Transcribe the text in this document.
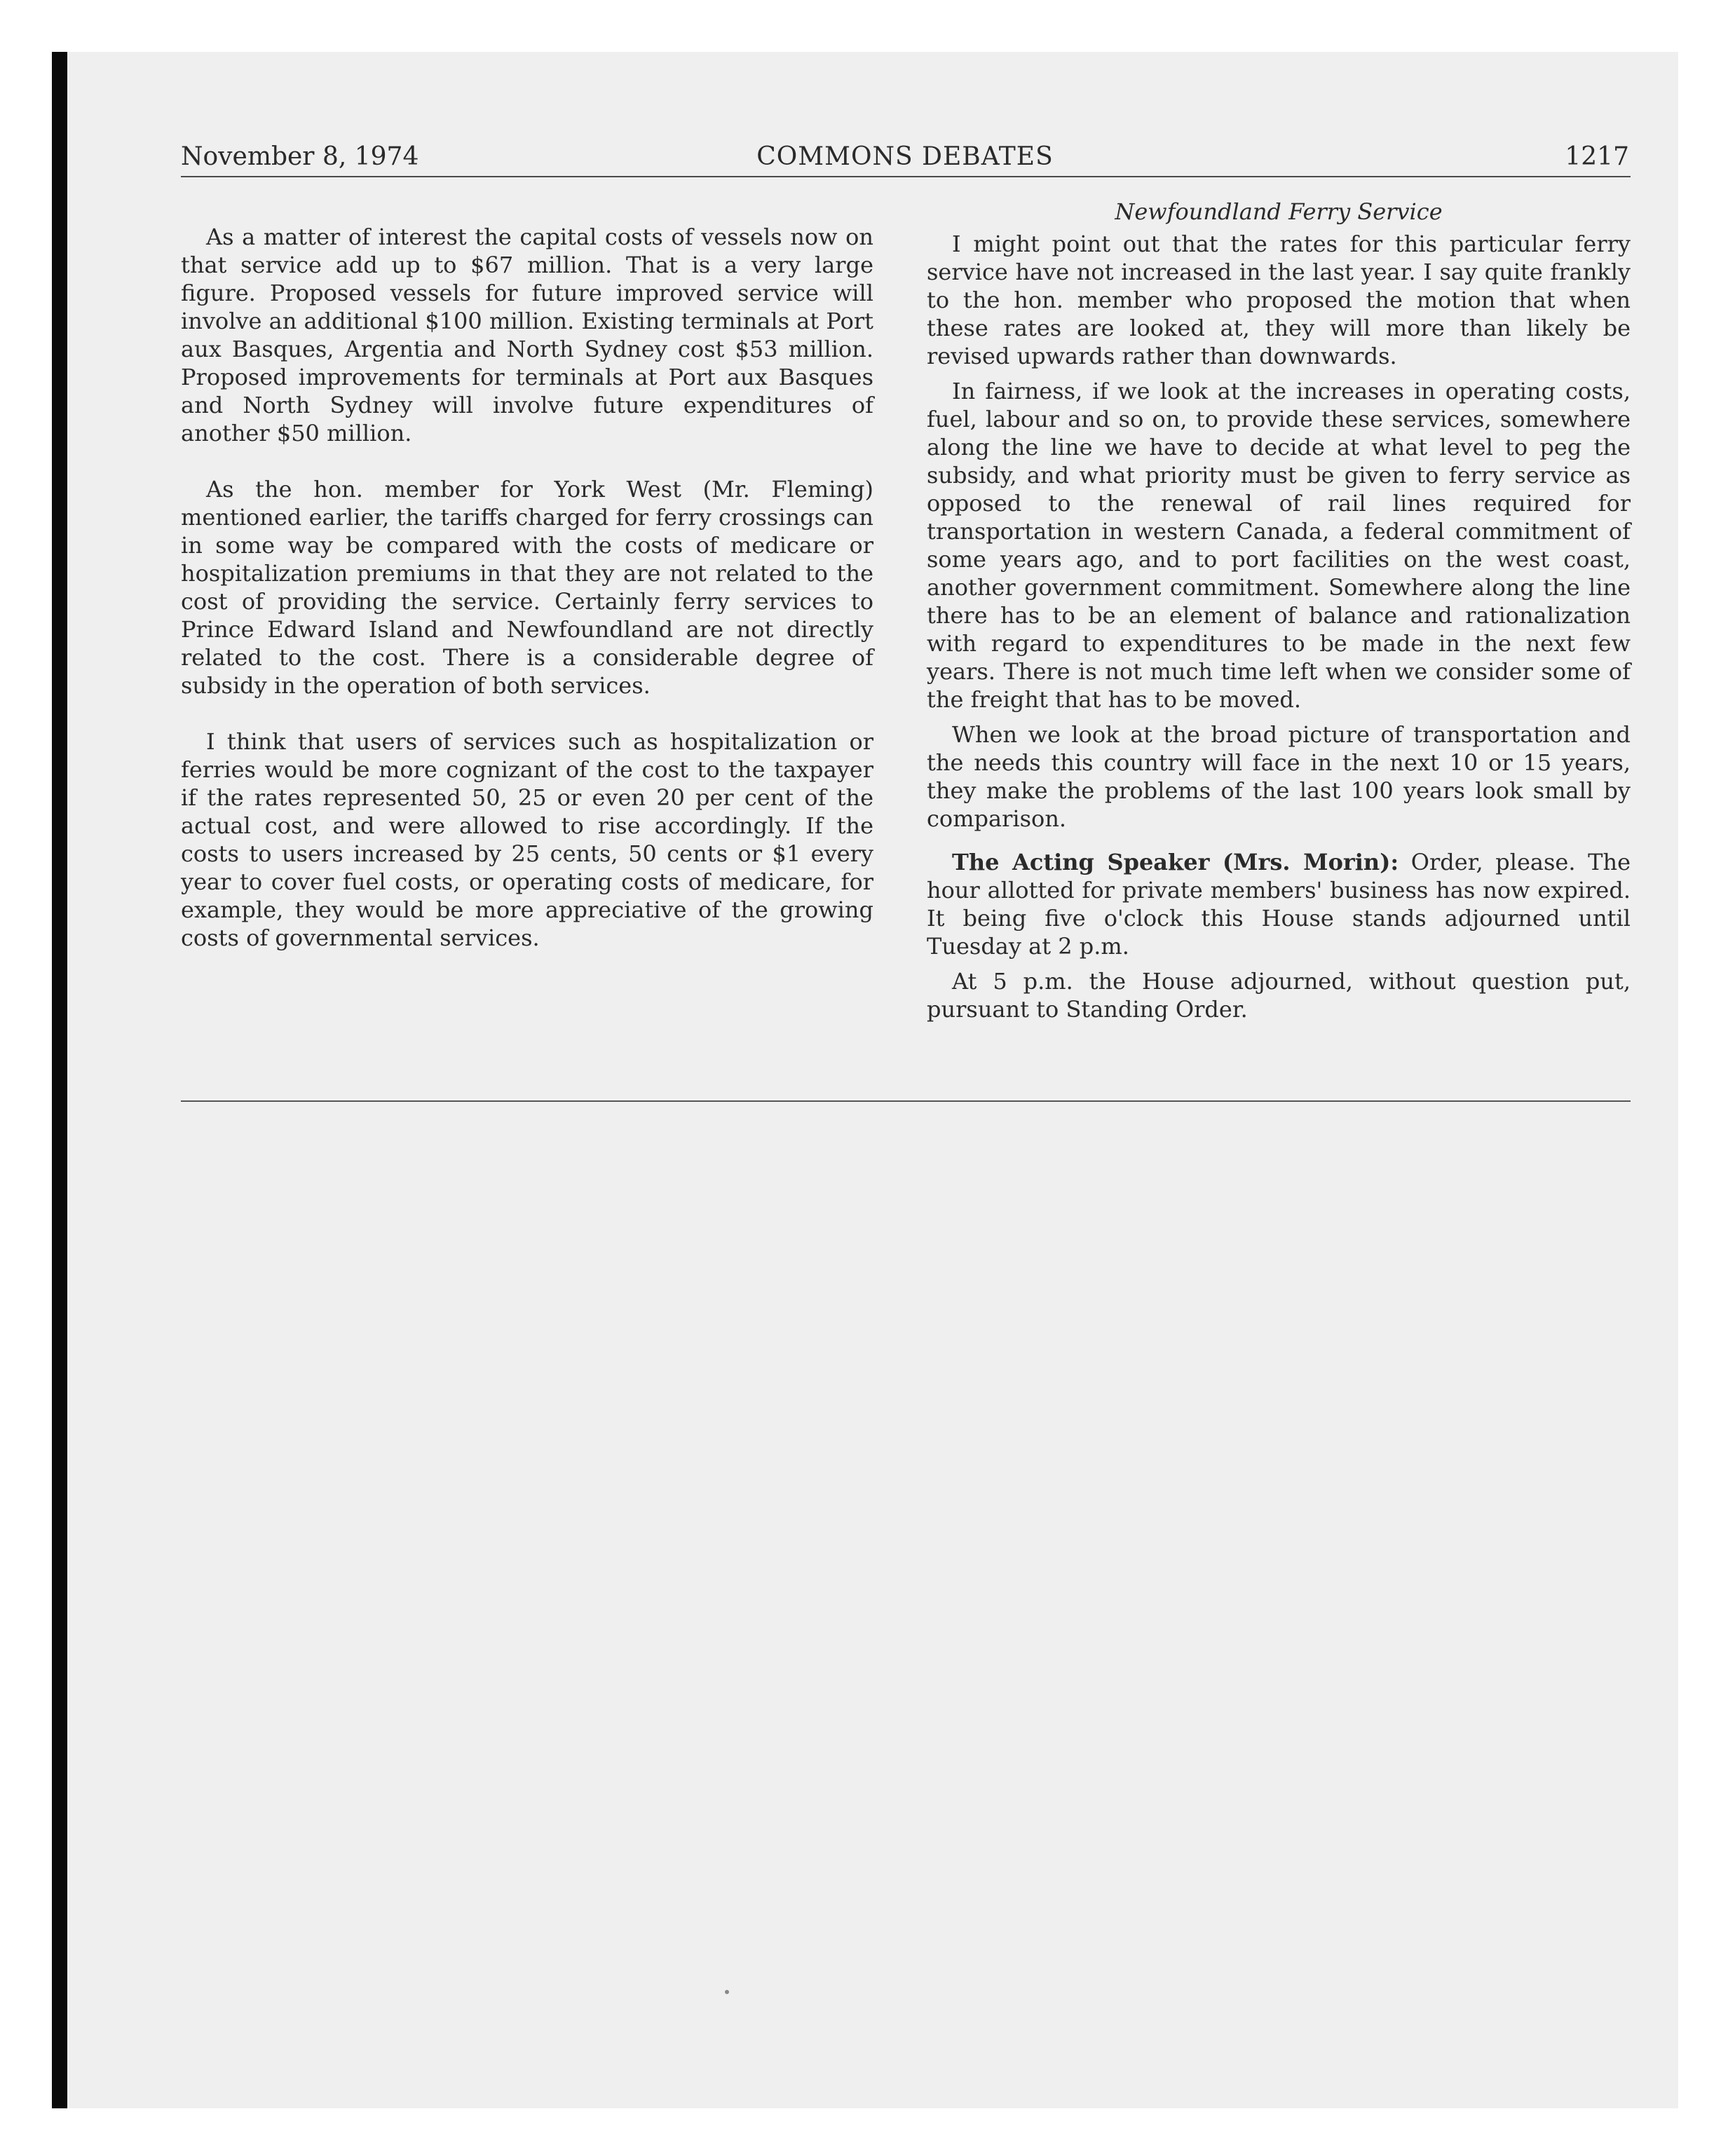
November 8, 1974	COMMONS DEBATES	1217

As a matter of interest the capital costs of vessels now on that service add up to $67 million. That is a very large figure. Proposed vessels for future improved service will involve an additional $100 million. Existing terminals at Port aux Basques, Argentia and North Sydney cost $53 million. Proposed improvements for terminals at Port aux Basques and North Sydney will involve future expenditures of another $50 million.

As the hon. member for York West (Mr. Fleming) mentioned earlier, the tariffs charged for ferry crossings can in some way be compared with the costs of medicare or hospitalization premiums in that they are not related to the cost of providing the service. Certainly ferry services to Prince Edward Island and Newfoundland are not directly related to the cost. There is a considerable degree of subsidy in the operation of both services.

I think that users of services such as hospitalization or ferries would be more cognizant of the cost to the taxpayer if the rates represented 50, 25 or even 20 per cent of the actual cost, and were allowed to rise accordingly. If the costs to users increased by 25 cents, 50 cents or $1 every year to cover fuel costs, or operating costs of medicare, for example, they would be more appreciative of the growing costs of governmental services.

Newfoundland Ferry Service

I might point out that the rates for this particular ferry service have not increased in the last year. I say quite frankly to the hon. member who proposed the motion that when these rates are looked at, they will more than likely be revised upwards rather than downwards.

In fairness, if we look at the increases in operating costs, fuel, labour and so on, to provide these services, somewhere along the line we have to decide at what level to peg the subsidy, and what priority must be given to ferry service as opposed to the renewal of rail lines required for transportation in western Canada, a federal commitment of some years ago, and to port facilities on the west coast, another government commitment. Somewhere along the line there has to be an element of balance and rationalization with regard to expenditures to be made in the next few years. There is not much time left when we consider some of the freight that has to be moved.

When we look at the broad picture of transportation and the needs this country will face in the next 10 or 15 years, they make the problems of the last 100 years look small by comparison.

The Acting Speaker (Mrs. Morin): Order, please. The hour allotted for private members' business has now expired. It being five o'clock this House stands adjourned until Tuesday at 2 p.m.

At 5 p.m. the House adjourned, without question put, pursuant to Standing Order.
